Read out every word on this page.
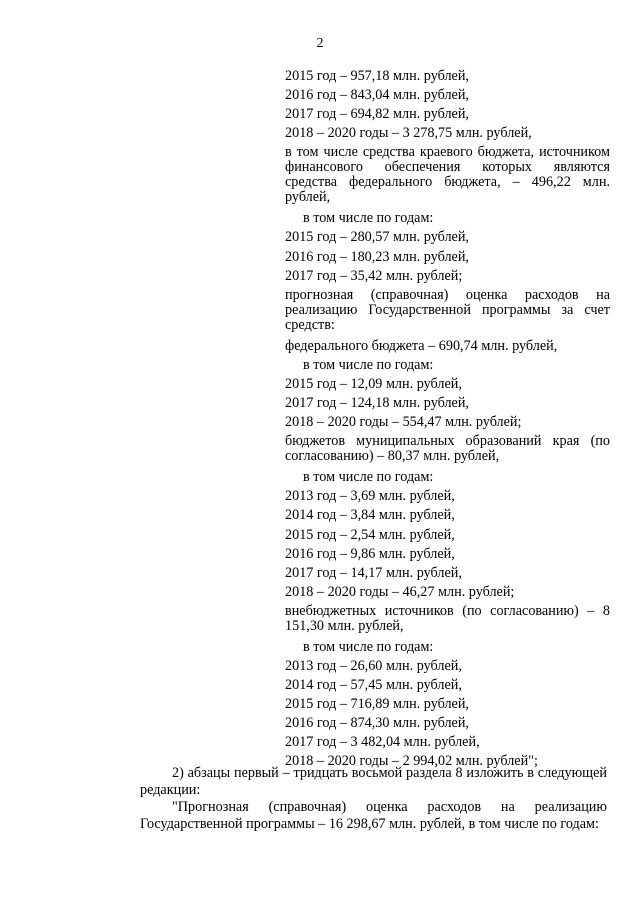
2
2015 год – 957,18 млн. рублей,
2016 год – 843,04 млн. рублей,
2017 год – 694,82 млн. рублей,
2018 – 2020 годы – 3 278,75 млн. рублей,
в том числе средства краевого бюджета, источником финансового обеспечения которых являются средства федерального бюджета, – 496,22 млн. рублей,
в том числе по годам:
2015 год – 280,57 млн. рублей,
2016 год – 180,23 млн. рублей,
2017 год – 35,42 млн. рублей;
прогнозная (справочная) оценка расходов на реализацию Государственной программы за счет средств:
федерального бюджета – 690,74 млн. рублей,
в том числе по годам:
2015 год – 12,09 млн. рублей,
2017 год – 124,18 млн. рублей,
2018 – 2020 годы – 554,47 млн. рублей;
бюджетов муниципальных образований края (по согласованию) – 80,37 млн. рублей,
в том числе по годам:
2013 год – 3,69 млн. рублей,
2014 год – 3,84 млн. рублей,
2015 год – 2,54 млн. рублей,
2016 год – 9,86 млн. рублей,
2017 год – 14,17 млн. рублей,
2018 – 2020 годы – 46,27 млн. рублей;
внебюджетных источников (по согласованию) – 8 151,30 млн. рублей,
в том числе по годам:
2013 год – 26,60 млн. рублей,
2014 год – 57,45 млн. рублей,
2015 год – 716,89 млн. рублей,
2016 год – 874,30 млн. рублей,
2017 год – 3 482,04 млн. рублей,
2018 – 2020 годы – 2 994,02 млн. рублей";

2) абзацы первый – тридцать восьмой раздела 8 изложить в следующей редакции:

"Прогнозная (справочная) оценка расходов на реализацию Государственной программы – 16 298,67 млн. рублей, в том числе по годам:
